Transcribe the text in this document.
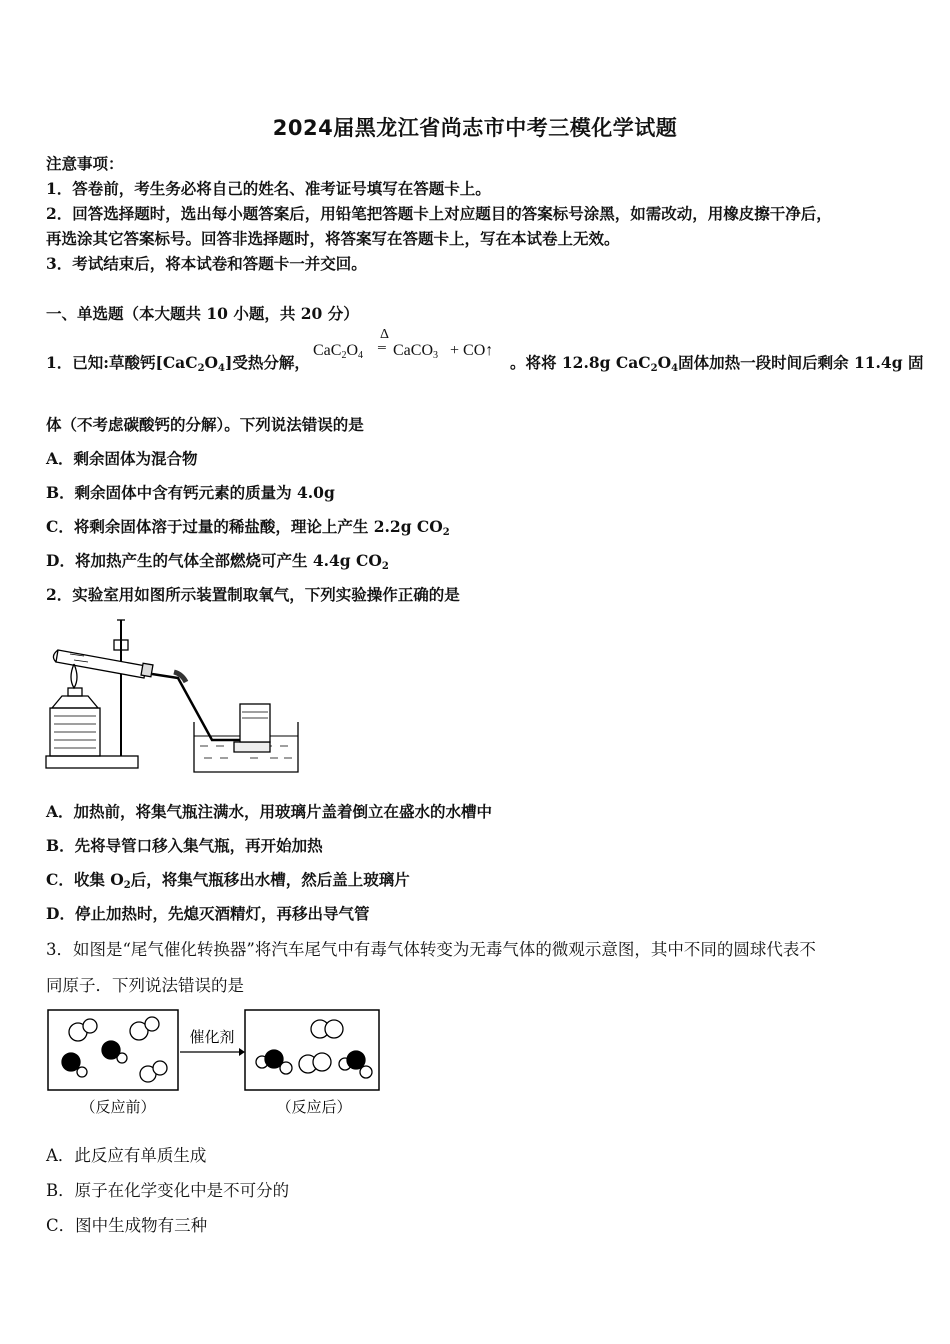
2024届黑龙江省尚志市中考三模化学试题
注意事项：
1．答卷前，考生务必将自己的姓名、准考证号填写在答题卡上。
2．回答选择题时，选出每小题答案后，用铅笔把答题卡上对应题目的答案标号涂黑，如需改动，用橡皮擦干净后，
再选涂其它答案标号。回答非选择题时，将答案写在答题卡上，写在本试卷上无效。
3．考试结束后，将本试卷和答题卡一并交回。
一、单选题（本大题共 10 小题，共 20 分）
1．已知:草酸钙$[CaC_2O_4]$受热分解，
$CaC_2O_4$
Δ
═ CaCO$_3$ + CO↑
。将将 12.8g $CaC_2O_4$固体加热一段时间后剩余 11.4g 固
体（不考虑碳酸钙的分解）。下列说法错误的是
A．剩余固体为混合物
B．剩余固体中含有钙元素的质量为 4.0g
C．将剩余固体溶于过量的稀盐酸，理论上产生 2.2g $CO_2$
D．将加热产生的气体全部燃烧可产生 4.4g $CO_2$
2．实验室用如图所示装置制取氧气，下列实验操作正确的是
A．加热前，将集气瓶注满水，用玻璃片盖着倒立在盛水的水槽中
B．先将导管口移入集气瓶，再开始加热
C．收集 $O_2$后，将集气瓶移出水槽，然后盖上玻璃片
D．停止加热时，先熄灭酒精灯，再移出导气管
3．如图是“尾气催化转换器”将汽车尾气中有毒气体转变为无毒气体的微观示意图，其中不同的圆球代表不
同原子．下列说法错误的是
催化剂
（反应前）	（反应后）
A．此反应有单质生成
B．原子在化学变化中是不可分的
C．图中生成物有三种
